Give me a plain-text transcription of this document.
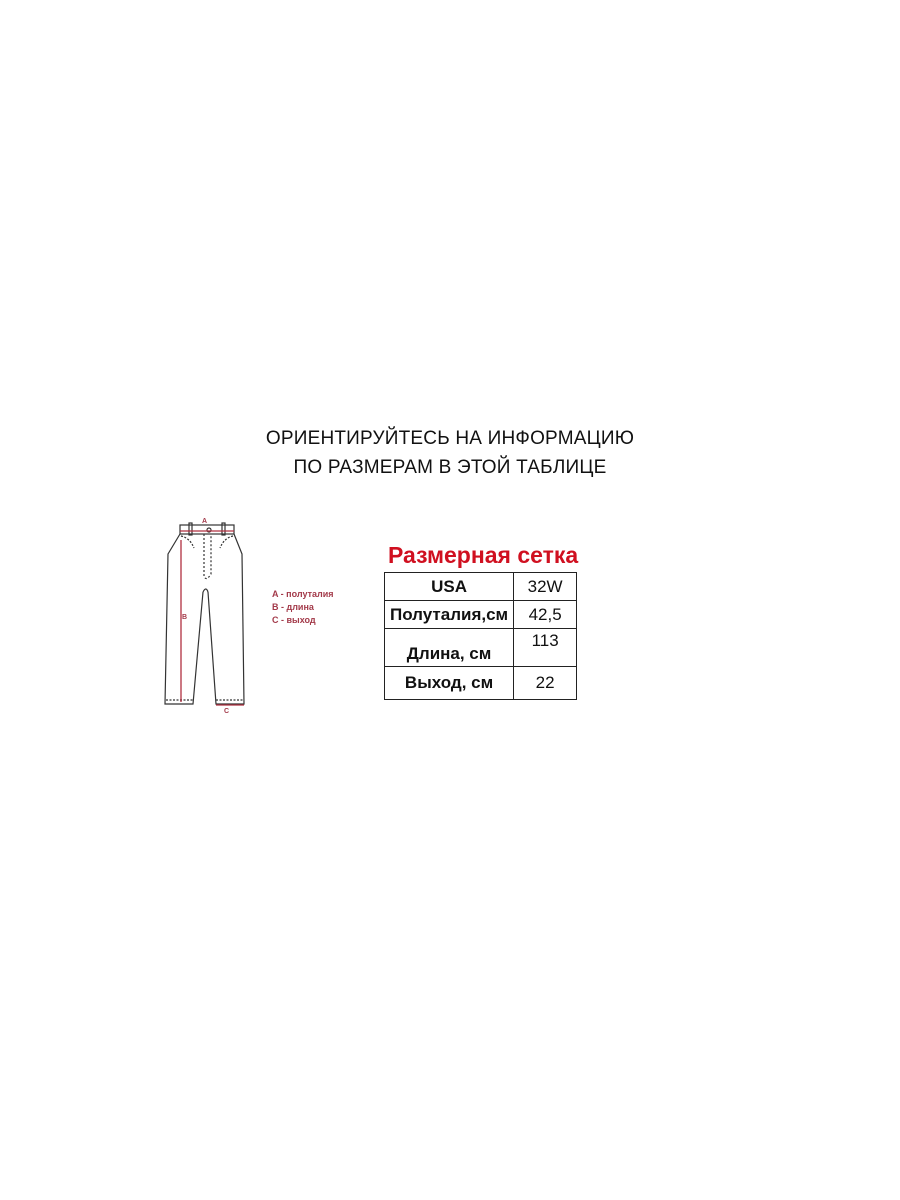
ОРИЕНТИРУЙТЕСЬ НА ИНФОРМАЦИЮ
ПО РАЗМЕРАМ В ЭТОЙ ТАБЛИЦЕ
A
B
C
A - полуталия
B - длина
C - выход
Размерная сетка
USA	32W
Полуталия,см	42,5
Длина, см	113
Выход, см	22
